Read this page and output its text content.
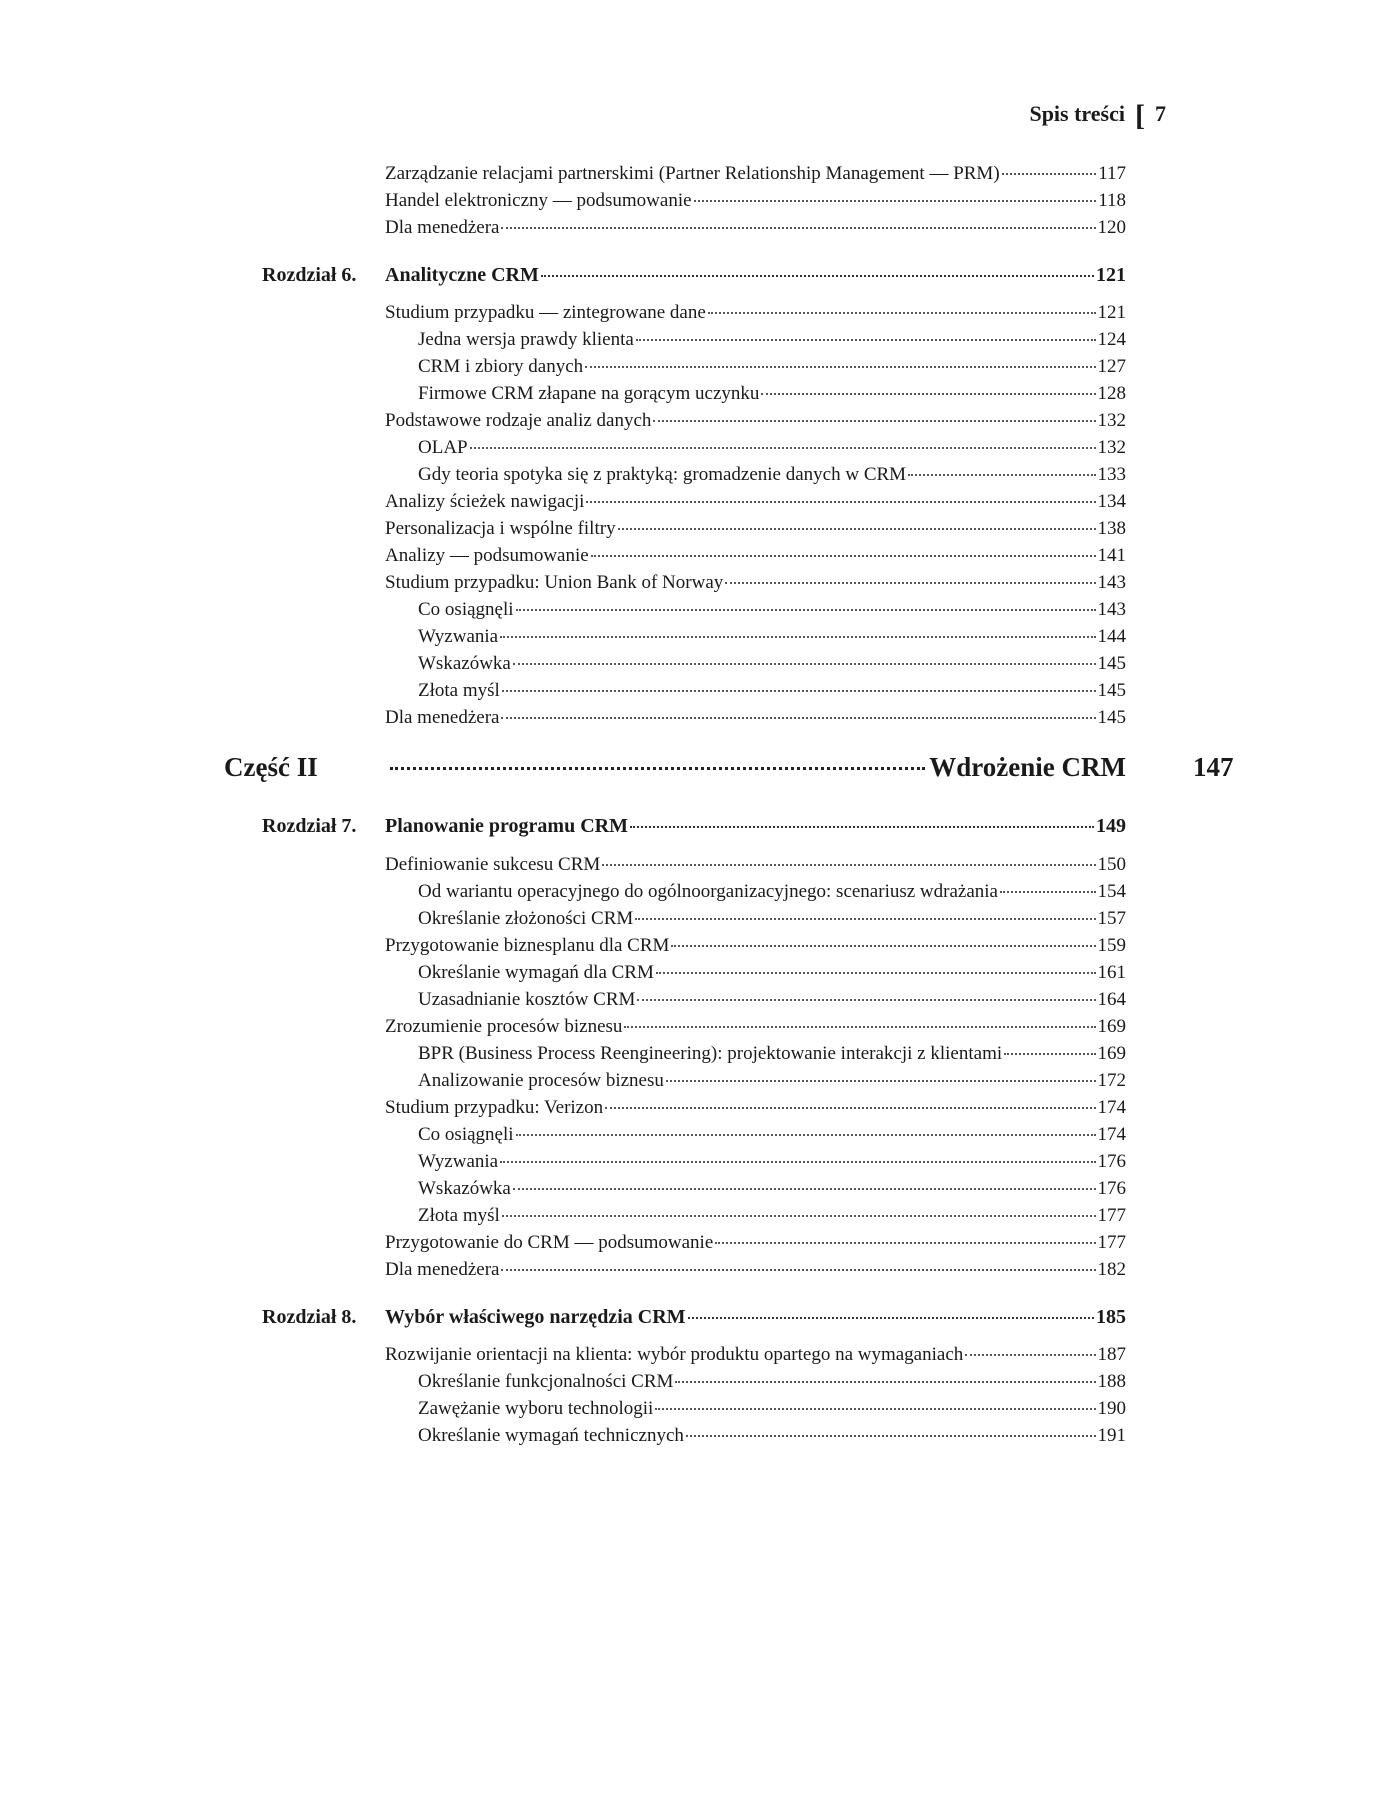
Spis treści [ 7
Zarządzanie relacjami partnerskimi (Partner Relationship Management — PRM)	117
Handel elektroniczny — podsumowanie	118
Dla menedżera	120
Rozdział 6. Analityczne CRM	121
Studium przypadku — zintegrowane dane	121
Jedna wersja prawdy klienta	124
CRM i zbiory danych	127
Firmowe CRM złapane na gorącym uczynku	128
Podstawowe rodzaje analiz danych	132
OLAP	132
Gdy teoria spotyka się z praktyką: gromadzenie danych w CRM	133
Analizy ścieżek nawigacji	134
Personalizacja i wspólne filtry	138
Analizy — podsumowanie	141
Studium przypadku: Union Bank of Norway	143
Co osiągnęli	143
Wyzwania	144
Wskazówka	145
Złota myśl	145
Dla menedżera	145
Część II	Wdrożenie CRM 147
Rozdział 7. Planowanie programu CRM	149
Definiowanie sukcesu CRM	150
Od wariantu operacyjnego do ogólnoorganizacyjnego: scenariusz wdrażania	154
Określanie złożoności CRM	157
Przygotowanie biznesplanu dla CRM	159
Określanie wymagań dla CRM	161
Uzasadnianie kosztów CRM	164
Zrozumienie procesów biznesu	169
BPR (Business Process Reengineering): projektowanie interakcji z klientami	169
Analizowanie procesów biznesu	172
Studium przypadku: Verizon	174
Co osiągnęli	174
Wyzwania	176
Wskazówka	176
Złota myśl	177
Przygotowanie do CRM — podsumowanie	177
Dla menedżera	182
Rozdział 8. Wybór właściwego narzędzia CRM	185
Rozwijanie orientacji na klienta: wybór produktu opartego na wymaganiach	187
Określanie funkcjonalności CRM	188
Zawężanie wyboru technologii	190
Określanie wymagań technicznych	191
